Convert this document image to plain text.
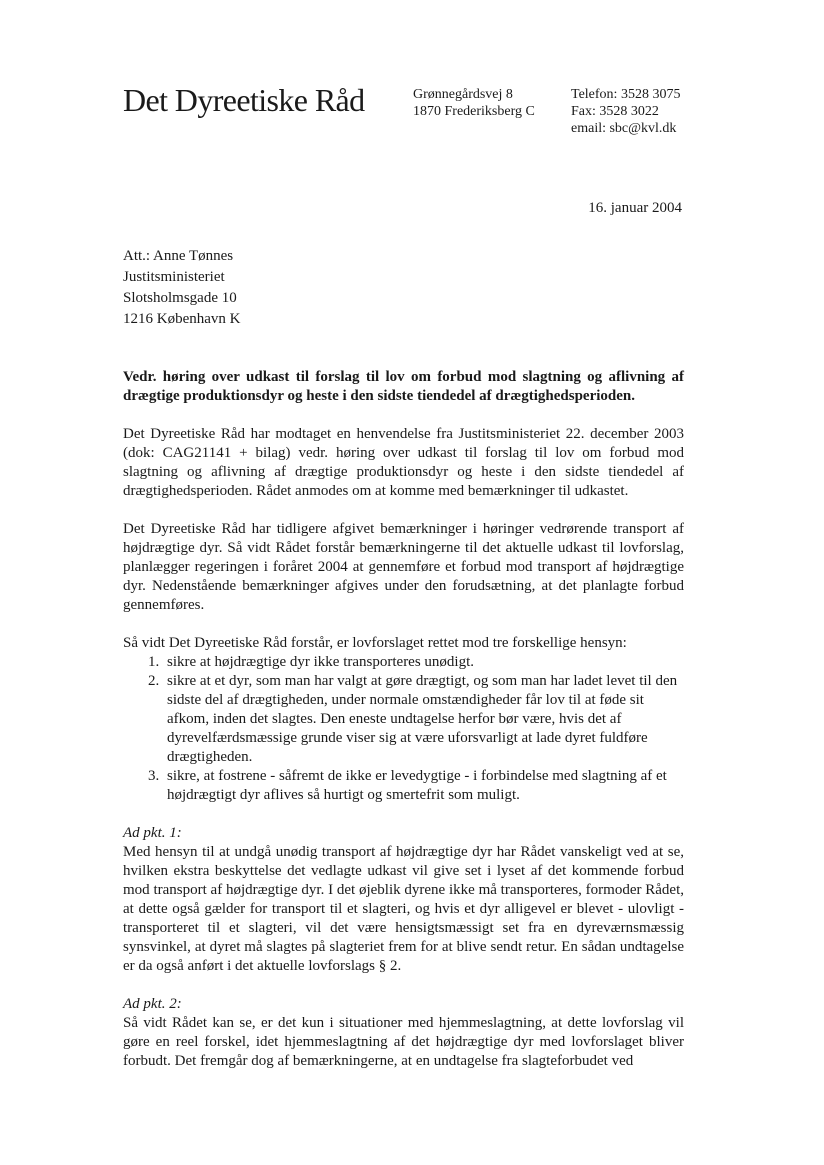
Det Dyreetiske Råd	Grønnegårdsvej 8
1870 Frederiksberg C
Telefon: 3528 3075
Fax: 3528 3022
email: sbc@kvl.dk
16. januar 2004
Att.: Anne Tønnes
Justitsministeriet
Slotsholmsgade 10
1216 København K

Vedr. høring over udkast til forslag til lov om forbud mod slagtning og aflivning af drægtige produktionsdyr og heste i den sidste tiendedel af drægtighedsperioden.

Det Dyreetiske Råd har modtaget en henvendelse fra Justitsministeriet 22. december 2003 (dok: CAG21141 + bilag) vedr. høring over udkast til forslag til lov om forbud mod slagtning og aflivning af drægtige produktionsdyr og heste i den sidste tiendedel af drægtighedsperioden. Rådet anmodes om at komme med bemærkninger til udkastet.

Det Dyreetiske Råd har tidligere afgivet bemærkninger i høringer vedrørende transport af højdrægtige dyr. Så vidt Rådet forstår bemærkningerne til det aktuelle udkast til lovforslag, planlægger regeringen i foråret 2004 at gennemføre et forbud mod transport af højdrægtige dyr. Nedenstående bemærkninger afgives under den forudsætning, at det planlagte forbud gennemføres.

Så vidt Det Dyreetiske Råd forstår, er lovforslaget rettet mod tre forskellige hensyn:

1. sikre at højdrægtige dyr ikke transporteres unødigt.
2. sikre at et dyr, som man har valgt at gøre drægtigt, og som man har ladet levet til den sidste del af drægtigheden, under normale omstændigheder får lov til at føde sit afkom, inden det slagtes. Den eneste undtagelse herfor bør være, hvis det af dyrevelfærdsmæssige grunde viser sig at være uforsvarligt at lade dyret fuldføre drægtigheden.
3. sikre, at fostrene - såfremt de ikke er levedygtige - i forbindelse med slagtning af et højdrægtigt dyr aflives så hurtigt og smertefrit som muligt.

Ad pkt. 1:

Med hensyn til at undgå unødig transport af højdrægtige dyr har Rådet vanskeligt ved at se, hvilken ekstra beskyttelse det vedlagte udkast vil give set i lyset af det kommende forbud mod transport af højdrægtige dyr. I det øjeblik dyrene ikke må transporteres, formoder Rådet, at dette også gælder for transport til et slagteri, og hvis et dyr alligevel er blevet - ulovligt - transporteret til et slagteri, vil det være hensigtsmæssigt set fra en dyreværnsmæssig synsvinkel, at dyret må slagtes på slagteriet frem for at blive sendt retur. En sådan undtagelse er da også anført i det aktuelle lovforslags § 2.

Ad pkt. 2:

Så vidt Rådet kan se, er det kun i situationer med hjemmeslagtning, at dette lovforslag vil gøre en reel forskel, idet hjemmeslagtning af det højdrægtige dyr med lovforslaget bliver forbudt. Det fremgår dog af bemærkningerne, at en undtagelse fra slagteforbudet ved
